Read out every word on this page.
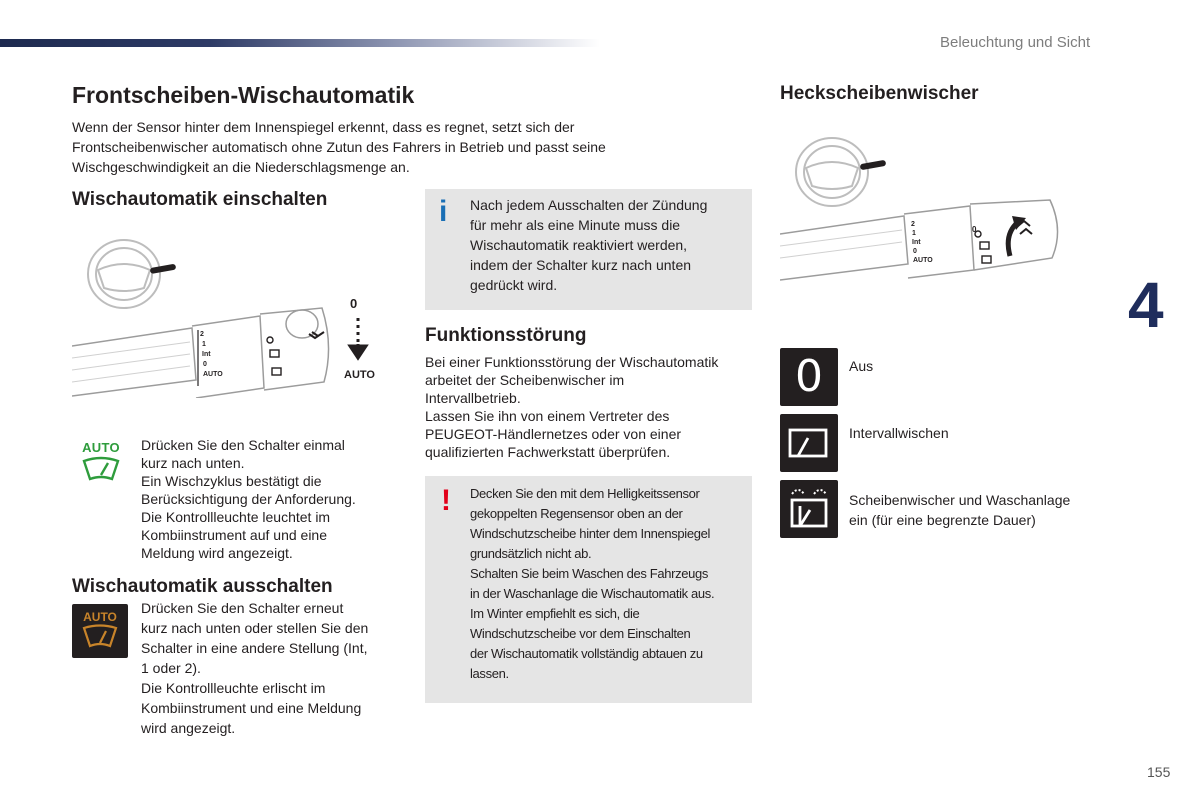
Beleuchtung und Sicht
Frontscheiben-Wischautomatik

Wenn der Sensor hinter dem Innenspiegel erkennt, dass es regnet, setzt sich der

Frontscheibenwischer automatisch ohne Zutun des Fahrers in Betrieb und passt seine

Wischgeschwindigkeit an die Niederschlagsmenge an.

Wischautomatik einschalten
2
1
Int
0
AUTO
0
AUTO
AUTO Drücken Sie den Schalter einmal

kurz nach unten.

Ein Wischzyklus bestätigt die

Berücksichtigung der Anforderung.

Die Kontrollleuchte leuchtet im

Kombiinstrument auf und eine

Meldung wird angezeigt.

Wischautomatik ausschalten
AUTO

Drücken Sie den Schalter erneut

kurz nach unten oder stellen Sie den

Schalter in eine andere Stellung (Int,

1 oder 2).

Die Kontrollleuchte erlischt im

Kombiinstrument und eine Meldung

wird angezeigt.

i Nach jedem Ausschalten der Zündung

für mehr als eine Minute muss die

Wischautomatik reaktiviert werden,

indem der Schalter kurz nach unten

gedrückt wird.

Funktionsstörung

Bei einer Funktionsstörung der Wischautomatik

arbeitet der Scheibenwischer im

Intervallbetrieb.

Lassen Sie ihn von einem Vertreter des

PEUGEOT-Händlernetzes oder von einer

qualifizierten Fachwerkstatt überprüfen.

! Decken Sie den mit dem Helligkeitssensor

gekoppelten Regensensor oben an der

Windschutzscheibe hinter dem Innenspiegel

grundsätzlich nicht ab.

Schalten Sie beim Waschen des Fahrzeugs

in der Waschanlage die Wischautomatik aus.

Im Winter empfiehlt es sich, die

Windschutzscheibe vor dem Einschalten

der Wischautomatik vollständig abtauen zu

lassen.

Heckscheibenwischer
2
1
Int
0
AUTO
0
0	Aus
Intervallwischen

Scheibenwischer und Waschanlage

ein (für eine begrenzte Dauer)

4
155
